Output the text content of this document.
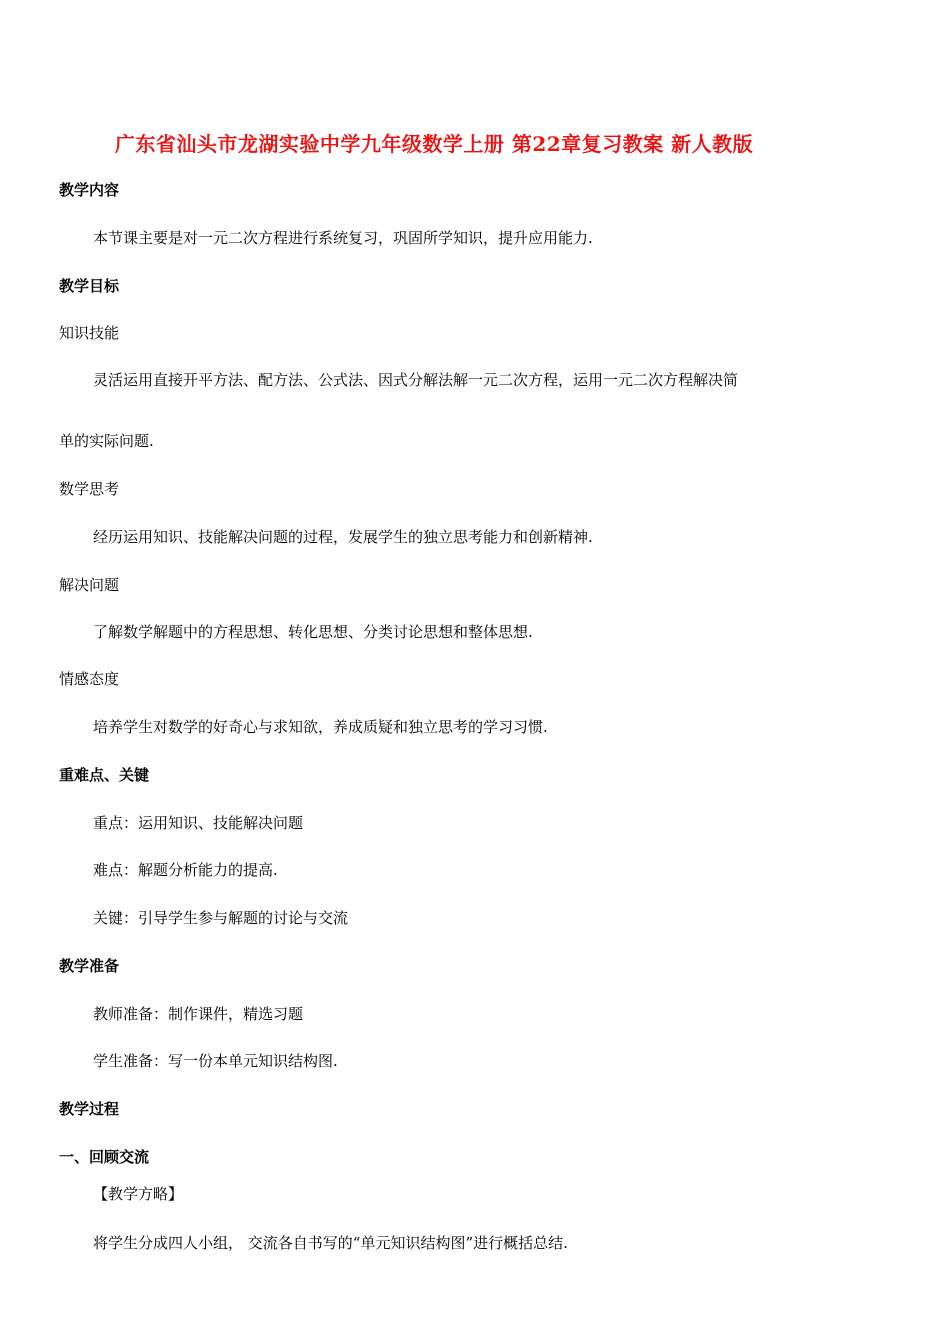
广东省汕头市龙湖实验中学九年级数学上册 第22章复习教案 新人教版
教学内容
本节课主要是对一元二次方程进行系统复习，巩固所学知识，提升应用能力.
教学目标
知识技能
灵活运用直接开平方法、配方法、公式法、因式分解法解一元二次方程，运用一元二次方程解决简
单的实际问题.
数学思考
经历运用知识、技能解决问题的过程，发展学生的独立思考能力和创新精神.
解决问题
了解数学解题中的方程思想、转化思想、分类讨论思想和整体思想.
情感态度
培养学生对数学的好奇心与求知欲，养成质疑和独立思考的学习习惯.
重难点、关键
重点：运用知识、技能解决问题
难点：解题分析能力的提高.
关键：引导学生参与解题的讨论与交流
教学准备
教师准备：制作课件，精选习题
学生准备：写一份本单元知识结构图.
教学过程
一、回顾交流
【教学方略】
将学生分成四人小组， 交流各自书写的“单元知识结构图”进行概括总结.
